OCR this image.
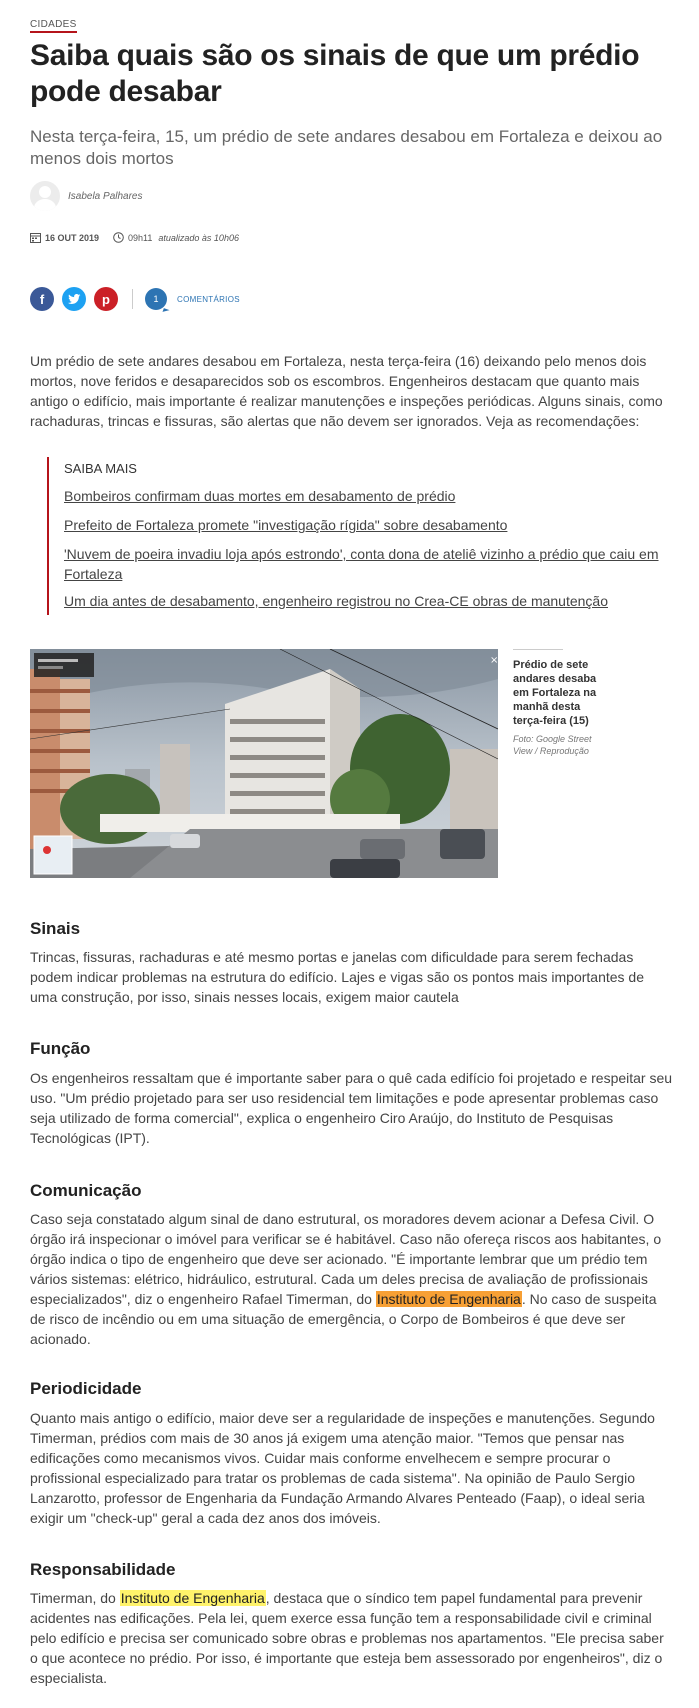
CIDADES
Saiba quais são os sinais de que um prédio pode desabar

Nesta terça-feira, 15, um prédio de sete andares desabou em Fortaleza e deixou ao menos dois mortos

Isabela Palhares
16 OUT 2019	09h11 atualizado às 10h06
f	p	1 COMENTÁRIOS

Um prédio de sete andares desabou em Fortaleza, nesta terça-feira (16) deixando pelo menos dois mortos, nove feridos e desaparecidos sob os escombros. Engenheiros destacam que quanto mais antigo o edifício, mais importante é realizar manutenções e inspeções periódicas. Alguns sinais, como rachaduras, trincas e fissuras, são alertas que não devem ser ignorados. Veja as recomendações:

SAIBA MAIS
Bombeiros confirmam duas mortes em desabamento de prédio
Prefeito de Fortaleza promete "investigação rígida" sobre desabamento
'Nuvem de poeira invadiu loja após estrondo', conta dona de ateliê vizinho a prédio que caiu em Fortaleza
Um dia antes de desabamento, engenheiro registrou no Crea-CE obras de manutenção
× Prédio de sete andares desaba em Fortaleza na manhã desta terça-feira (15)
Foto: Google Street View / Reprodução
Sinais

Trincas, fissuras, rachaduras e até mesmo portas e janelas com dificuldade para serem fechadas podem indicar problemas na estrutura do edifício. Lajes e vigas são os pontos mais importantes de uma construção, por isso, sinais nesses locais, exigem maior cautela

Função

Os engenheiros ressaltam que é importante saber para o quê cada edifício foi projetado e respeitar seu uso. "Um prédio projetado para ser uso residencial tem limitações e pode apresentar problemas caso seja utilizado de forma comercial", explica o engenheiro Ciro Araújo, do Instituto de Pesquisas Tecnológicas (IPT).

Comunicação

Caso seja constatado algum sinal de dano estrutural, os moradores devem acionar a Defesa Civil. O órgão irá inspecionar o imóvel para verificar se é habitável. Caso não ofereça riscos aos habitantes, o órgão indica o tipo de engenheiro que deve ser acionado. "É importante lembrar que um prédio tem vários sistemas: elétrico, hidráulico, estrutural. Cada um deles precisa de avaliação de profissionais especializados", diz o engenheiro Rafael Timerman, do Instituto de Engenharia. No caso de suspeita de risco de incêndio ou em uma situação de emergência, o Corpo de Bombeiros é que deve ser acionado.

Periodicidade

Quanto mais antigo o edifício, maior deve ser a regularidade de inspeções e manutenções. Segundo Timerman, prédios com mais de 30 anos já exigem uma atenção maior. "Temos que pensar nas edificações como mecanismos vivos. Cuidar mais conforme envelhecem e sempre procurar o profissional especializado para tratar os problemas de cada sistema". Na opinião de Paulo Sergio Lanzarotto, professor de Engenharia da Fundação Armando Alvares Penteado (Faap), o ideal seria exigir um "check-up" geral a cada dez anos dos imóveis.

Responsabilidade

Timerman, do Instituto de Engenharia, destaca que o síndico tem papel fundamental para prevenir acidentes nas edificações. Pela lei, quem exerce essa função tem a responsabilidade civil e criminal pelo edifício e precisa ser comunicado sobre obras e problemas nos apartamentos. "Ele precisa saber o que acontece no prédio. Por isso, é importante que esteja bem assessorado por engenheiros", diz o especialista.
